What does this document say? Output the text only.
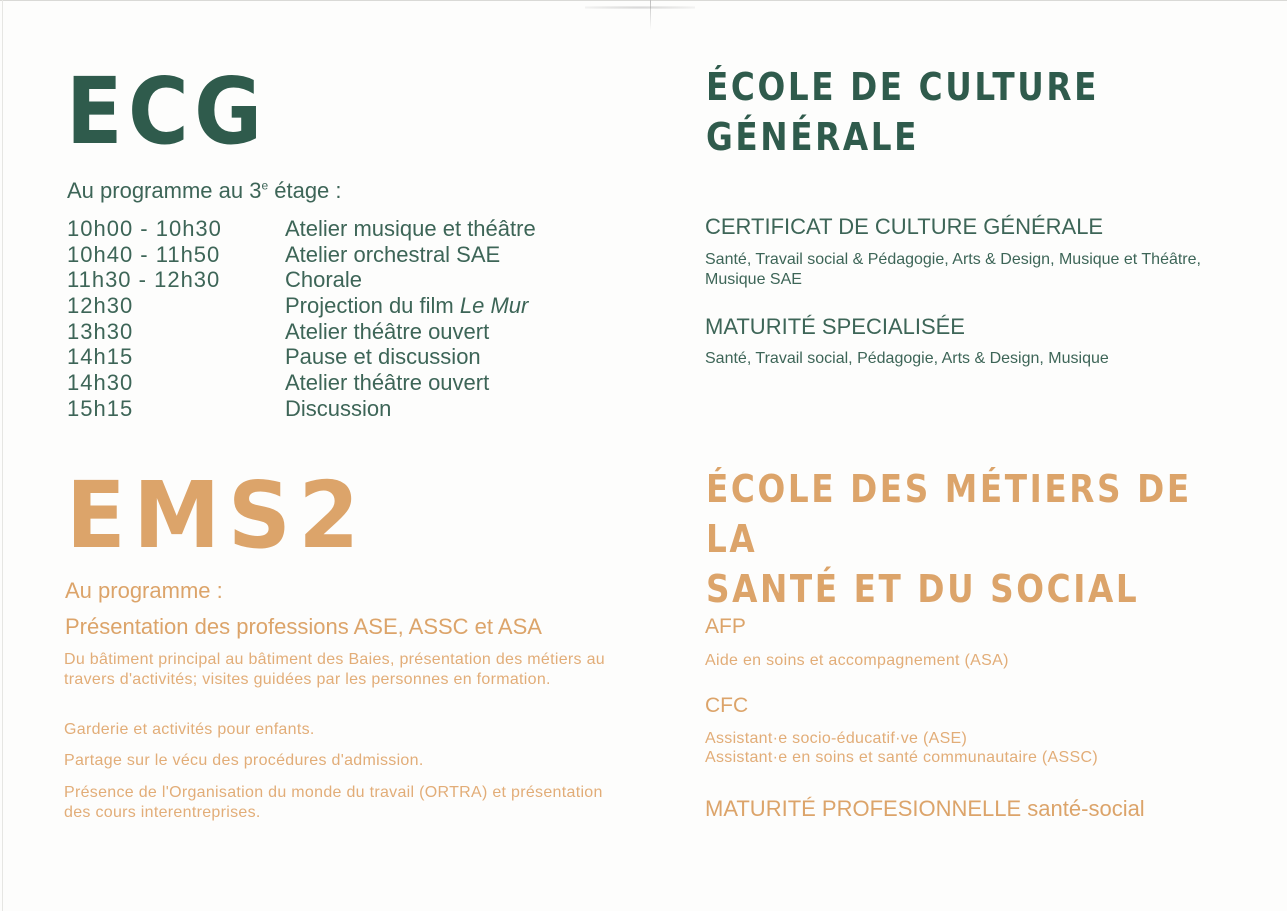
ECG
Au programme au 3e étage :
10h00 - 10h30	Atelier musique et théâtre
10h40 - 11h50	Atelier orchestral SAE
11h30 - 12h30	Chorale
12h30	Projection du film Le Mur
13h30	Atelier théâtre ouvert
14h15	Pause et discussion
14h30	Atelier théâtre ouvert
15h15	Discussion
ÉCOLE DE CULTURE
GÉNÉRALE
CERTIFICAT DE CULTURE GÉNÉRALE
Santé, Travail social & Pédagogie, Arts & Design, Musique et Théâtre, Musique SAE
MATURITÉ SPECIALISÉE
Santé, Travail social, Pédagogie, Arts & Design, Musique
EMS2
Au programme :
Présentation des professions ASE, ASSC et ASA
Du bâtiment principal au bâtiment des Baies, présentation des métiers au travers d'activités; visites guidées par les personnes en formation.
Garderie et activités pour enfants.
Partage sur le vécu des procédures d'admission.
Présence de l'Organisation du monde du travail (ORTRA) et présentation des cours interentreprises.
ÉCOLE DES MÉTIERS DE LA
SANTÉ ET DU SOCIAL
AFP
Aide en soins et accompagnement (ASA)
CFC
Assistant·e socio-éducatif·ve (ASE)
Assistant·e en soins et santé communautaire (ASSC)
MATURITÉ PROFESIONNELLE santé-social
